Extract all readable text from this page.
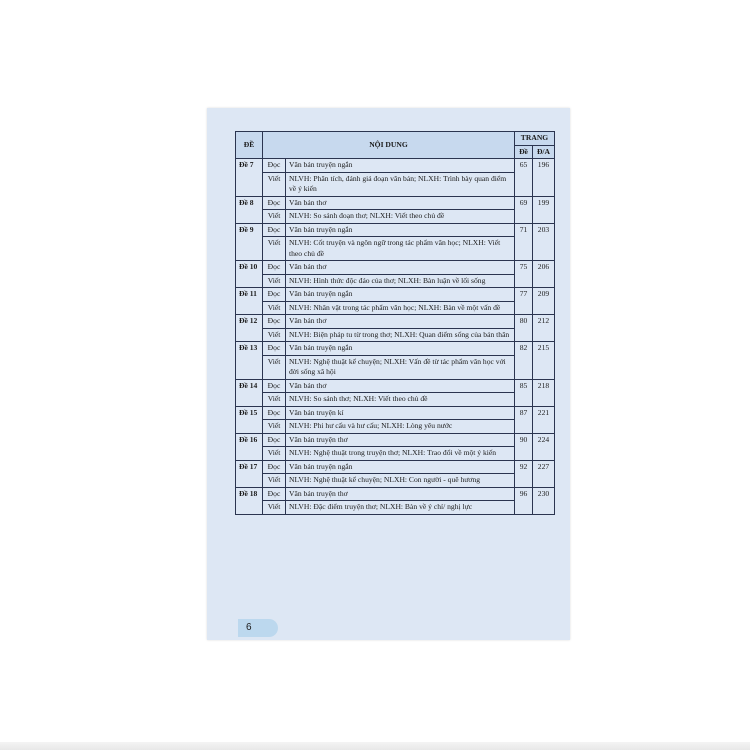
ĐỀ	NỘI DUNG		TRANG	
			Đề	Đ/A
Đề 7	Đọc	Văn bản truyện ngắn	65	196
	Viết	NLVH: Phân tích, đánh giá đoạn văn bản; NLXH: Trình bày quan điểm về ý kiến		
Đề 8	Đọc	Văn bản thơ	69	199
	Viết	NLVH: So sánh đoạn thơ; NLXH: Viết theo chủ đề		
Đề 9	Đọc	Văn bản truyện ngắn	71	203
	Viết	NLVH: Cốt truyện và ngôn ngữ trong tác phẩm văn học; NLXH: Viết theo chủ đề		
Đề 10	Đọc	Văn bản thơ	75	206
	Viết	NLVH: Hình thức độc đáo của thơ; NLXH: Bàn luận về lối sống		
Đề 11	Đọc	Văn bản truyện ngắn	77	209
	Viết	NLVH: Nhân vật trong tác phẩm văn học; NLXH: Bàn về một vấn đề		
Đề 12	Đọc	Văn bản thơ	80	212
	Viết	NLVH: Biện pháp tu từ trong thơ; NLXH: Quan điểm sống của bản thân		
Đề 13	Đọc	Văn bản truyện ngắn	82	215
	Viết	NLVH: Nghệ thuật kể chuyện; NLXH: Vấn đề từ tác phẩm văn học với đời sống xã hội		
Đề 14	Đọc	Văn bản thơ	85	218
	Viết	NLVH: So sánh thơ; NLXH: Viết theo chủ đề		
Đề 15	Đọc	Văn bản truyện kí	87	221
	Viết	NLVH: Phi hư cấu và hư cấu; NLXH: Lòng yêu nước		
Đề 16	Đọc	Văn bản truyện thơ	90	224
	Viết	NLVH: Nghệ thuật trong truyện thơ; NLXH: Trao đổi về một ý kiến		
Đề 17	Đọc	Văn bản truyện ngắn	92	227
	Viết	NLVH: Nghệ thuật kể chuyện; NLXH: Con người - quê hương		
Đề 18	Đọc	Văn bản truyện thơ	96	230
	Viết	NLVH: Đặc điểm truyện thơ; NLXH: Bàn về ý chí/ nghị lực		
6
